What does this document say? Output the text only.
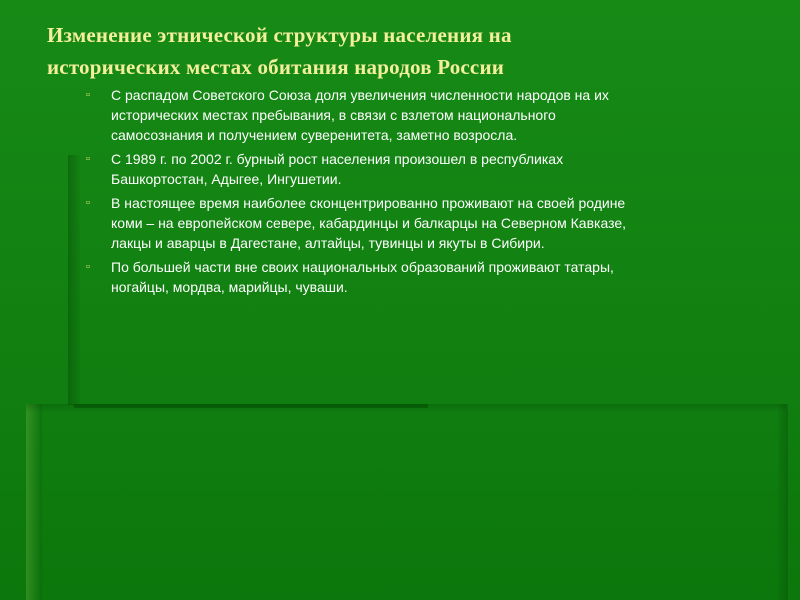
Изменение этнической структуры населения на
исторических местах обитания народов России
▫ С распадом Советского Союза доля увеличения численности народов на их
исторических местах пребывания, в связи с взлетом национального
самосознания и получением суверенитета, заметно возросла.
▫ С 1989 г. по 2002 г. бурный рост населения произошел в республиках
Башкортостан, Адыгее, Ингушетии.
▫ В настоящее время наиболее сконцентрированно проживают на своей родине
коми – на европейском севере, кабардинцы и балкарцы на Северном Кавказе,
лакцы и аварцы в Дагестане, алтайцы, тувинцы и якуты в Сибири.
▫ По большей части вне своих национальных образований проживают татары,
ногайцы, мордва, марийцы, чуваши.
